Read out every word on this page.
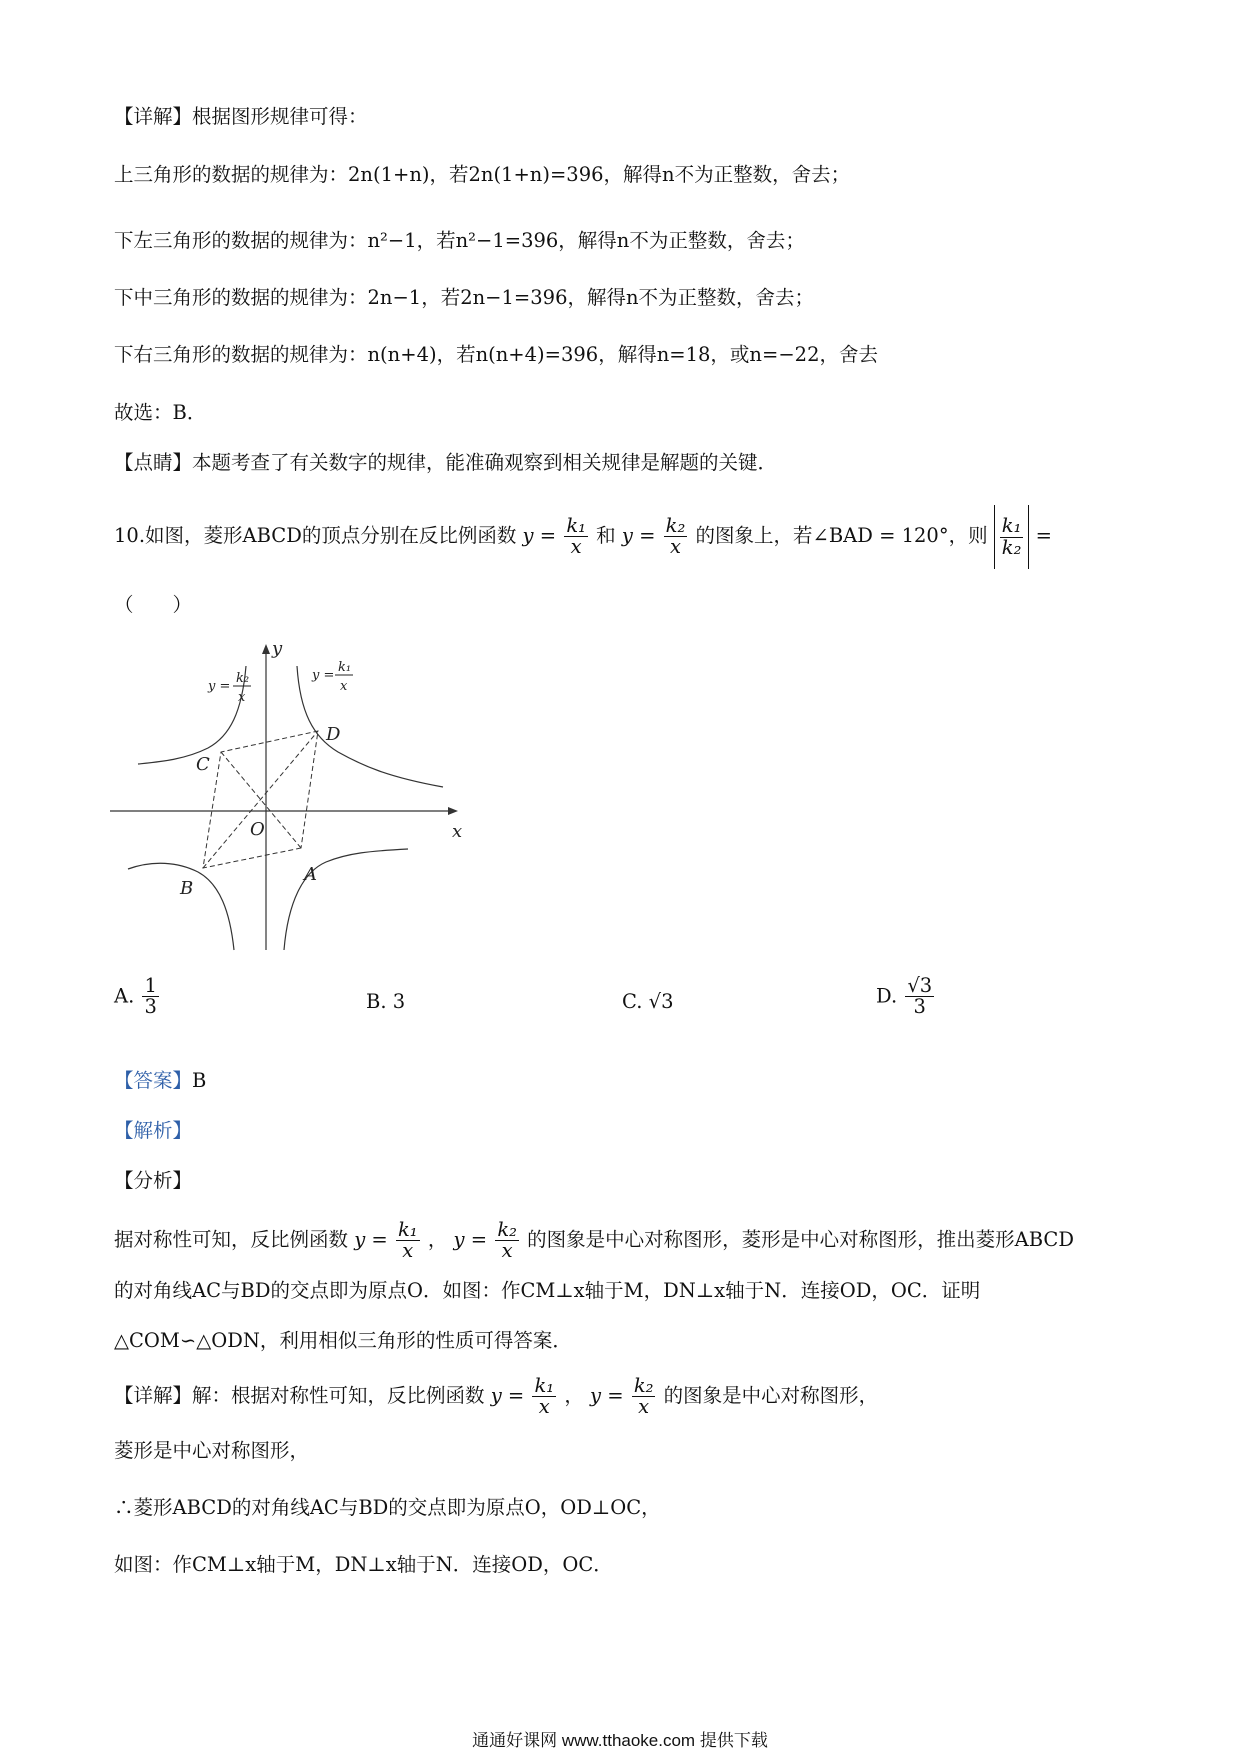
【详解】根据图形规律可得：
上三角形的数据的规律为：2n(1+n)，若2n(1+n)=396，解得n不为正整数，舍去；
下左三角形的数据的规律为：n²−1，若n²−1=396，解得n不为正整数，舍去；
下中三角形的数据的规律为：2n−1，若2n−1=396，解得n不为正整数，舍去；
下右三角形的数据的规律为：n(n+4)，若n(n+4)=396，解得n=18，或n=−22，舍去
故选：B．
【点睛】本题考查了有关数字的规律，能准确观察到相关规律是解题的关键．
10.如图，菱形ABCD的顶点分别在反比例函数 $y = \frac{\text{k₁}}{x}$ 和 $y = \frac{\text{k₂}}{x}$ 的图象上，若∠BAD = 120°，则 $\frac{\text{k₁}}{\text{k₂}}$ =
（　　）
y
x
O
A
B
C
D
y =
k₂
x
y =
k₁
x
A. $\frac{1}{3}$	B. 3	C. √3	D. $\frac{√3}{3}$
【答案】B
【解析】
【分析】
据对称性可知，反比例函数 $y = \frac{\text{k₁}}{x}$ ， $y = \frac{\text{k₂}}{x}$ 的图象是中心对称图形，菱形是中心对称图形，推出菱形ABCD
的对角线AC与BD的交点即为原点O．如图：作CM⊥x轴于M，DN⊥x轴于N．连接OD，OC．证明
△COM∽△ODN，利用相似三角形的性质可得答案．
【详解】解：根据对称性可知，反比例函数 $y = \frac{\text{k₁}}{x}$ ， $y = \frac{\text{k₂}}{x}$ 的图象是中心对称图形，
菱形是中心对称图形，
∴菱形ABCD的对角线AC与BD的交点即为原点O，OD⊥OC，
如图：作CM⊥x轴于M，DN⊥x轴于N．连接OD，OC．
通通好课网 www.tthaoke.com 提供下载
